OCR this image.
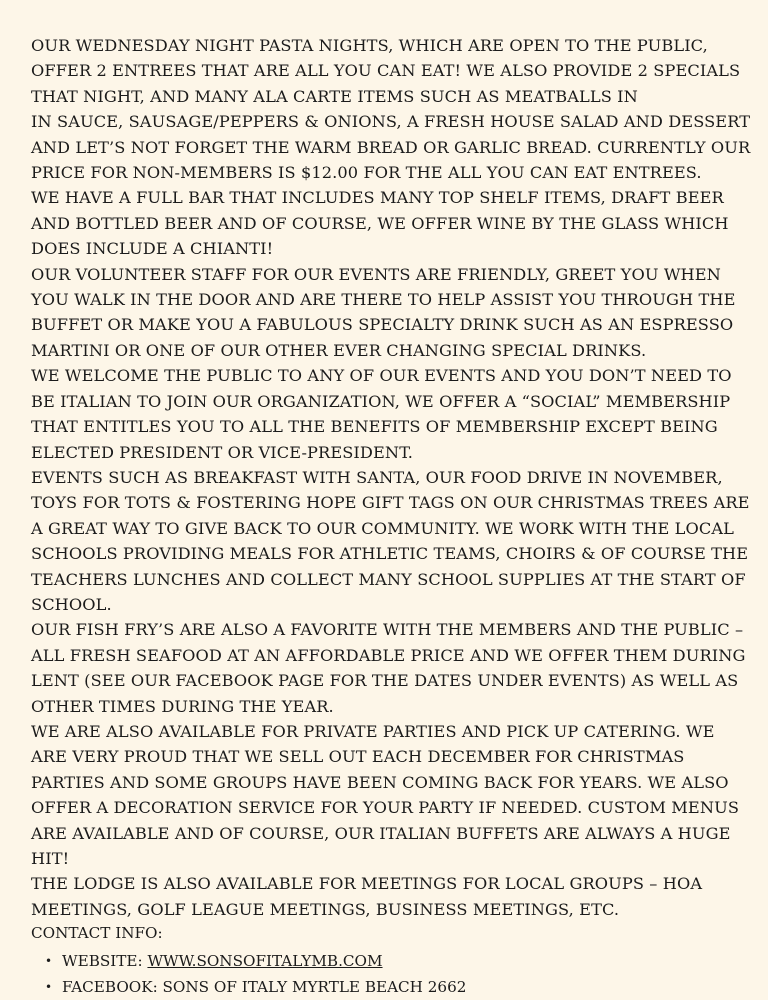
OUR WEDNESDAY NIGHT PASTA NIGHTS, WHICH ARE OPEN TO THE PUBLIC, OFFER 2 ENTREES THAT ARE ALL YOU CAN EAT! WE ALSO PROVIDE 2 SPECIALS THAT NIGHT, AND MANY ALA CARTE ITEMS SUCH AS MEATBALLS IN

IN SAUCE, SAUSAGE/PEPPERS & ONIONS, A FRESH HOUSE SALAD AND DESSERT AND LET’S NOT FORGET THE WARM BREAD OR GARLIC BREAD. CURRENTLY OUR PRICE FOR NON-MEMBERS IS $12.00 FOR THE ALL YOU CAN EAT ENTREES.

WE HAVE A FULL BAR THAT INCLUDES MANY TOP SHELF ITEMS, DRAFT BEER AND BOTTLED BEER AND OF COURSE, WE OFFER WINE BY THE GLASS WHICH DOES INCLUDE A CHIANTI!

OUR VOLUNTEER STAFF FOR OUR EVENTS ARE FRIENDLY, GREET YOU WHEN YOU WALK IN THE DOOR AND ARE THERE TO HELP ASSIST YOU THROUGH THE BUFFET OR MAKE YOU A FABULOUS SPECIALTY DRINK SUCH AS AN ESPRESSO MARTINI OR ONE OF OUR OTHER EVER CHANGING SPECIAL DRINKS.

WE WELCOME THE PUBLIC TO ANY OF OUR EVENTS AND YOU DON’T NEED TO BE ITALIAN TO JOIN OUR ORGANIZATION, WE OFFER A “SOCIAL” MEMBERSHIP THAT ENTITLES YOU TO ALL THE BENEFITS OF MEMBERSHIP EXCEPT BEING ELECTED PRESIDENT OR VICE-PRESIDENT.

EVENTS SUCH AS BREAKFAST WITH SANTA, OUR FOOD DRIVE IN NOVEMBER, TOYS FOR TOTS & FOSTERING HOPE GIFT TAGS ON OUR CHRISTMAS TREES ARE A GREAT WAY TO GIVE BACK TO OUR COMMUNITY. WE WORK WITH THE LOCAL SCHOOLS PROVIDING MEALS FOR ATHLETIC TEAMS, CHOIRS & OF COURSE THE TEACHERS LUNCHES AND COLLECT MANY SCHOOL SUPPLIES AT THE START OF SCHOOL.

OUR FISH FRY’S ARE ALSO A FAVORITE WITH THE MEMBERS AND THE PUBLIC – ALL FRESH SEAFOOD AT AN AFFORDABLE PRICE AND WE OFFER THEM DURING LENT (SEE OUR FACEBOOK PAGE FOR THE DATES UNDER EVENTS) AS WELL AS OTHER TIMES DURING THE YEAR.

WE ARE ALSO AVAILABLE FOR PRIVATE PARTIES AND PICK UP CATERING. WE ARE VERY PROUD THAT WE SELL OUT EACH DECEMBER FOR CHRISTMAS PARTIES AND SOME GROUPS HAVE BEEN COMING BACK FOR YEARS. WE ALSO OFFER A DECORATION SERVICE FOR YOUR PARTY IF NEEDED. CUSTOM MENUS ARE AVAILABLE AND OF COURSE, OUR ITALIAN BUFFETS ARE ALWAYS A HUGE HIT!

THE LODGE IS ALSO AVAILABLE FOR MEETINGS FOR LOCAL GROUPS – HOA MEETINGS, GOLF LEAGUE MEETINGS, BUSINESS MEETINGS, ETC.

CONTACT INFO:

• WEBSITE: WWW.SONSOFITALYMB.COM
• FACEBOOK: SONS OF ITALY MYRTLE BEACH 2662
